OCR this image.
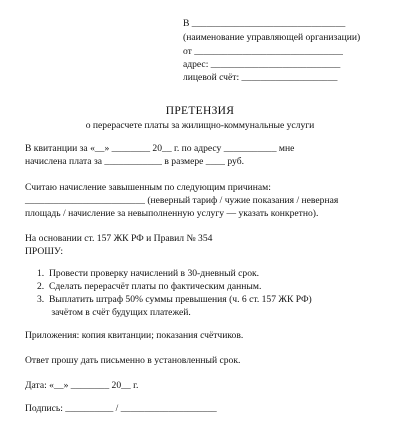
В ________________________________
(наименование управляющей организации)
от _______________________________
адрес: ___________________________
лицевой счёт: ____________________
ПРЕТЕНЗИЯ
о перерасчете платы за жилищно-коммунальные услуги
В квитанции за «__» ________ 20__ г. по адресу ___________ мне
начислена плата за ____________ в размере ____ руб.
Считаю начисление завышенным по следующим причинам:
_________________________ (неверный тариф / чужие показания / неверная
площадь / начисление за невыполненную услугу — указать конкретно).
На основании ст. 157 ЖК РФ и Правил № 354
ПРОШУ:
1.  Провести проверку начислений в 30-дневный срок.
2.  Сделать перерасчёт платы по фактическим данным.
3.  Выплатить штраф 50% суммы превышения (ч. 6 ст. 157 ЖК РФ)
зачётом в счёт будущих платежей.
Приложения: копия квитанции; показания счётчиков.
Ответ прошу дать письменно в установленный срок.
Дата: «__» ________ 20__ г.
Подпись: __________ / ____________________
